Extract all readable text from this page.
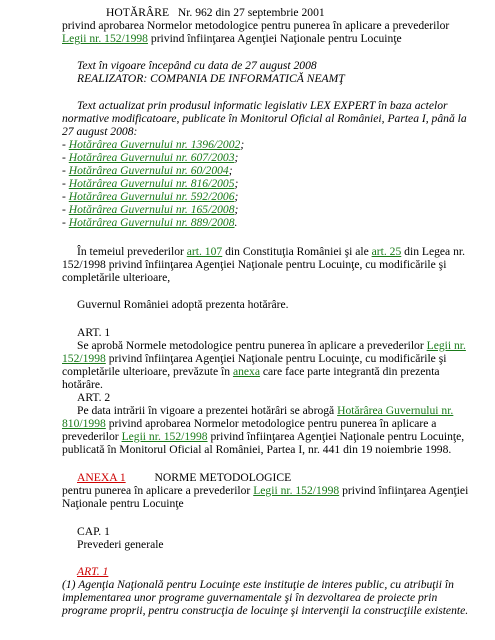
HOTĂRÂRE Nr. 962 din 27 septembrie 2001
privind aprobarea Normelor metodologice pentru punerea în aplicare a prevederilor
Legii nr. 152/1998 privind înfiinţarea Agenţiei Naţionale pentru Locuinţe
Text în vigoare începând cu data de 27 august 2008
REALIZATOR: COMPANIA DE INFORMATICĂ NEAMŢ
Text actualizat prin produsul informatic legislativ LEX EXPERT în baza actelor
normative modificatoare, publicate în Monitorul Oficial al României, Partea I, până la
27 august 2008:
- Hotărârea Guvernului nr. 1396/2002;
- Hotărârea Guvernului nr. 607/2003;
- Hotărârea Guvernului nr. 60/2004;
- Hotărârea Guvernului nr. 816/2005;
- Hotărârea Guvernului nr. 592/2006;
- Hotărârea Guvernului nr. 165/2008;
- Hotărârea Guvernului nr. 889/2008.
În temeiul prevederilor art. 107 din Constituţia României şi ale art. 25 din Legea nr.
152/1998 privind înfiinţarea Agenţiei Naţionale pentru Locuinţe, cu modificările şi
completările ulterioare,
Guvernul României adoptă prezenta hotărâre.
ART. 1
Se aprobă Normele metodologice pentru punerea în aplicare a prevederilor Legii nr.
152/1998 privind înfiinţarea Agenţiei Naţionale pentru Locuinţe, cu modificările şi
completările ulterioare, prevăzute în anexa care face parte integrantă din prezenta
hotărâre.
ART. 2
Pe data intrării în vigoare a prezentei hotărâri se abrogă Hotărârea Guvernului nr.
810/1998 privind aprobarea Normelor metodologice pentru punerea în aplicare a
prevederilor Legii nr. 152/1998 privind înfiinţarea Agenţiei Naţionale pentru Locuinţe,
publicată în Monitorul Oficial al României, Partea I, nr. 441 din 19 noiembrie 1998.
ANEXA 1 NORME METODOLOGICE
pentru punerea în aplicare a prevederilor Legii nr. 152/1998 privind înfiinţarea Agenţiei
Naţionale pentru Locuinţe
CAP. 1
Prevederi generale
ART. 1
(1) Agenţia Naţională pentru Locuinţe este instituţie de interes public, cu atribuţii în
implementarea unor programe guvernamentale şi în dezvoltarea de proiecte prin
programe proprii, pentru construcţia de locuinţe şi intervenţii la construcţiile existente.
